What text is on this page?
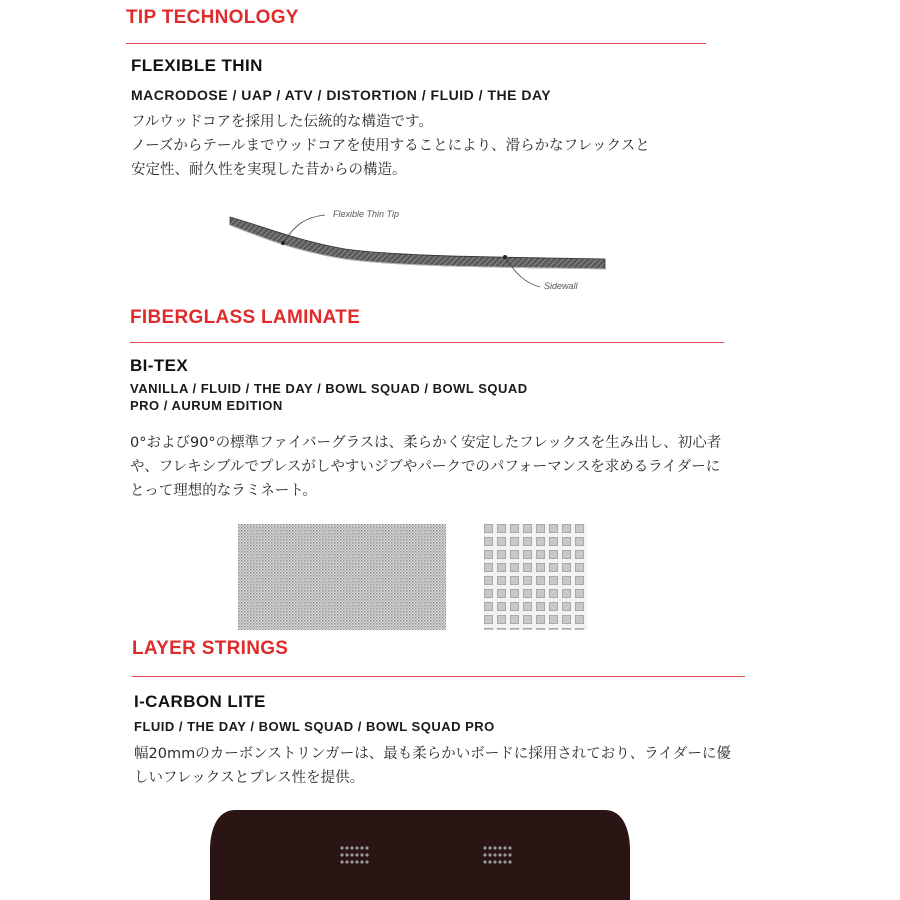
TIP TECHNOLOGY
FLEXIBLE THIN
MACRODOSE / UAP / ATV / DISTORTION / FLUID / THE DAY
フルウッドコアを採用した伝統的な構造です。
ノーズからテールまでウッドコアを使用することにより、滑らかなフレックスと
安定性、耐久性を実現した昔からの構造。
Flexible Thin Tip
Sidewall
FIBERGLASS LAMINATE
BI-TEX
VANILLA / FLUID / THE DAY / BOWL SQUAD / BOWL SQUAD
PRO / AURUM EDITION
0°および90°の標準ファイバーグラスは、柔らかく安定したフレックスを生み出し、初心者
や、フレキシブルでプレスがしやすいジブやパークでのパフォーマンスを求めるライダーに
とって理想的なラミネート。
LAYER STRINGS
I-CARBON LITE
FLUID / THE DAY / BOWL SQUAD / BOWL SQUAD PRO
幅20mmのカーボンストリンガーは、最も柔らかいボードに採用されており、ライダーに優
しいフレックスとプレス性を提供。
